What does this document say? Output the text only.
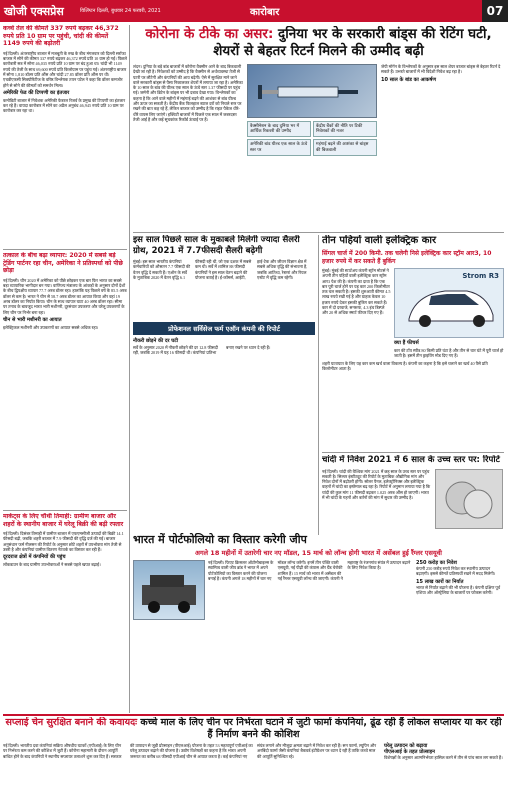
खोजी एक्सप्रेस	विलिंग्टन दिल्ली, बुधवार 24 फरवरी, 2021	कारोबार	07
कच्चे तेल की कीमतें 337 रुपये बढ़कर 46,372 रुपये प्रति 10 ग्राम पर पहुंची, चांदी की कीमतें 1149 रुपये की बढ़ोतरी
नई दिल्ली। अंतरराष्ट्रीय बाजार में मजबूती के रुख के बीच मंगलवार को दिल्ली सर्राफा बाजार में सोने की कीमत 337 रुपये बढ़कर 46,372 रुपये प्रति 10 ग्राम हो गई। पिछले कारोबारी सत्र में सोना 46,035 रुपये प्रति 10 ग्राम पर बंद हुआ था। चांदी भी 1149 रुपये की तेजी के साथ 69,600 रुपये प्रति किलोग्राम पर पहुंच गई। अंतरराष्ट्रीय बाजार में सोना 1,810 डॉलर प्रति औंस और चांदी 27.85 डॉलर प्रति औंस पर थी। एचडीएफसी सिक्योरिटीज के वरिष्ठ विश्लेषक तपन पटेल ने कहा कि डॉलर कमजोर होने से सोने की कीमतों को समर्थन मिला।
अमेरिकी फेड की टिप्पणी का इंतजार
कमोडिटी बाजार में निवेशक अमेरिकी फेडरल रिजर्व के प्रमुख की टिप्पणी का इंतजार कर रहे हैं। वायदा कारोबार में सोने का अप्रैल अनुबंध 46,945 रुपये प्रति 10 ग्राम पर कारोबार कर रहा था।
तत्काल के बीच बढ़ा व्यापार: 2020 में सबसे बड़े ट्रेडिंग पार्टनर रहा चीन, अमेरिका ने प्रतिस्पर्धा को पीछे छोड़ा
नई दिल्ली। चीन 2020 में अमेरिका को पीछे छोड़कर एक बार फिर भारत का सबसे बड़ा व्यापारिक भागीदार बन गया। वाणिज्य मंत्रालय के आंकड़ों के अनुसार दोनों देशों के बीच द्विपक्षीय व्यापार 77.7 अरब डॉलर रहा। हालांकि यह पिछले वर्ष के 85.5 अरब डॉलर से कम है। भारत ने चीन से 58.7 अरब डॉलर का आयात किया और वहां 19 अरब डॉलर का निर्यात किया। चीन के साथ व्यापार घाटा 40 अरब डॉलर रहा। सीमा पर तनाव के बावजूद भारत भारी मशीनरी, दूरसंचार उपकरण और घरेलू उपकरणों के लिए चीन पर निर्भर बना रहा।
चीन से भारी मशीनरी का आयात
इलेक्ट्रिकल मशीनरी और उपकरणों का आयात सबसे अधिक रहा।
मार्केट्स के लिए चौथी तिमाही: ग्रामीण बाजार और शहरों के स्थानीय बाजार में घरेलू बिक्री की बढ़ी रफ्तार
नई दिल्ली। दिसंबर तिमाही में ग्रामीण बाजार में एफएमसीजी उत्पादों की बिक्री 14.1 फीसदी बढ़ी, जबकि शहरी बाजार में 7.9 फीसदी की वृद्धि दर्ज की गई। बाजार अनुसंधान फर्म नीलसन की रिपोर्ट के अनुसार छोटे शहरों में उपभोक्ता मांग तेजी से उबरी है और कंपनियां ग्रामीण वितरण नेटवर्क का विस्तार कर रही हैं।
दूरदराज क्षेत्रों में कंपनियों की पहुंच
लॉकडाउन के बाद ग्रामीण उपभोक्ताओं ने सबसे पहले खपत बढ़ाई।
कोरोना के टीके का असर: दुनिया भर के सरकारी बांड्स की रेटिंग घटी, शेयरों से बेहतर रिटर्न मिलने की उम्मीद बढ़ी
लंदन। दुनिया के बड़े बांड बाजारों में कोरोना वैक्सीन आने के बाद बिकवाली देखी जा रही है। निवेशकों को उम्मीद है कि वैक्सीन से अर्थव्यवस्था तेजी से पटरी पर लौटेगी और कंपनियों की आय बढ़ेगी। ऐसे में सुरक्षित माने जाने वाले सरकारी बांड्स से पैसा निकालकर शेयरों में लगाया जा रहा है। अमेरिका के 10 साल के बांड की यील्ड एक साल के ऊंचे स्तर 1.37 फीसदी पर पहुंच गई। जर्मनी और ब्रिटेन के बांड्स पर भी दबाव देखा गया। विश्लेषकों का कहना है कि आने वाले महीनों में महंगाई बढ़ने की आशंका से बांड यील्ड और ऊपर जा सकती है। केंद्रीय बैंक फिलहाल ब्याज दरों को निचले स्तर पर रखने की बात कह रहे हैं, लेकिन बाजार को उम्मीद है कि राहत पैकेज धीरे-धीरे वापस लिए जाएंगे। इक्विटी बाजारों में पिछले एक साल में जबरदस्त तेजी आई है और कई सूचकांक रिकॉर्ड ऊंचाई पर हैं।
वैक्सीनेशन के बाद दुनिया भर में आर्थिक रिकवरी की उम्मीद
केंद्रीय बैंकों की नीति पर टिकी निवेशकों की नजर
अमेरिकी बांड यील्ड एक साल के ऊंचे स्तर पर
महंगाई बढ़ने की आशंका से बांड्स की बिकवाली
जेपी मॉर्गन के विश्लेषकों के अनुसार इस साल शेयर बाजार बांड्स से बेहतर रिटर्न दे सकते हैं। उभरते बाजारों में भी विदेशी निवेश बढ़ रहा है।
10 साल के बांड का आकर्षण
इस साल पिछले साल के मुकाबले मिलेगी ज्यादा सैलरी ग्रोथ, 2021 में 7.7फीसदी सैलरी बढ़ेगी
मुंबई। इस साल भारतीय कंपनियां कर्मचारियों को औसतन 7.7 फीसदी की वेतन वृद्धि दे सकती हैं। एऑन के सर्वे के मुताबिक 2020 में वेतन वृद्धि 6.1 फीसदी रही थी, जो एक दशक में सबसे कम थी। सर्वे में शामिल 88 फीसदी कंपनियों ने इस साल वेतन बढ़ाने की योजना बताई है। ई-कॉमर्स, आईटी, हाई-टेक और जीवन विज्ञान क्षेत्र में सबसे अधिक वृद्धि की संभावना है, जबकि आतिथ्य, रेस्तरां और रियल एस्टेट में वृद्धि कम रहेगी।
प्रोफेशनल सर्विसेज फर्म एऑन कंपनी की रिपोर्ट
नौकरी छोड़ने की दर घटी
सर्वे के अनुसार 2020 में नौकरी छोड़ने की दर 12.8 फीसदी रही, जबकि 2019 में यह 16 फीसदी थी। कंपनियां प्रतिभा बनाए रखने पर ध्यान दे रही हैं।
तीन पहियों वाली इलेक्ट्रिक कार
सिंगल चार्ज में 200 किमी. तक चलेगी निसे इलेक्ट्रिक कार स्ट्रॉम आर3, 10 हजार रुपये में कर सकते हैं बुकिंग
मुंबई। मुंबई की स्टार्टअप कंपनी स्ट्रॉम मोटर्स ने अपनी तीन पहियों वाली इलेक्ट्रिक कार स्ट्रॉम आर3 पेश की है। कंपनी का दावा है कि एक बार पूरी चार्ज होने पर यह कार 200 किलोमीटर तक चल सकती है। इसकी शुरुआती कीमत 4.5 लाख रुपये रखी गई है और ग्राहक केवल 10 हजार रुपये देकर इसकी बुकिंग कर सकते हैं। कार में दो दरवाजे, सनरूफ, 4.3 इंच डिस्प्ले और 20 से अधिक स्मार्ट फीचर दिए गए हैं।
Strom R3
क्या हैं फीचर्स
कार की टॉप स्पीड 80 किमी प्रति घंटा है और तीन से चार घंटे में पूरी चार्ज हो जाती है। इसमें तीन ड्राइविंग मोड दिए गए हैं।
शहरी यातायात के लिए यह कार कम खर्च वाला विकल्प है। कंपनी का कहना है कि इसे चलाने का खर्च 40 पैसे प्रति किलोमीटर आता है।
चांदी में निवेश 2021 में 6 साल के उच्च स्तर पर: रिपोर्ट
नई दिल्ली। चांदी की वैश्विक मांग 2021 में छह साल के उच्च स्तर पर पहुंच सकती है। सिल्वर इंस्टीट्यूट की रिपोर्ट के मुताबिक औद्योगिक मांग और निवेश दोनों में बढ़ोतरी होगी। सोलर पैनल, इलेक्ट्रॉनिक्स और इलेक्ट्रिक वाहनों में चांदी का इस्तेमाल बढ़ रहा है। रिपोर्ट में अनुमान लगाया गया है कि चांदी की कुल मांग 11 फीसदी बढ़कर 1.025 अरब औंस हो जाएगी। भारत में भी चांदी के गहनों और बर्तनों की मांग में सुधार की उम्मीद है।
भारत में पोर्टफोलियो का विस्तार करेगी जीप
अगले 18 महीनों में उतारेगी चार नए मॉडल, 15 मार्च को लॉन्च होगी भारत में असेंबल हुई रैंग्लर एसयूवी
नई दिल्ली। फिएट क्रिसलर ऑटोमोबाइल्स के स्वामित्व वाली जीप ब्रांड ने भारत में अपने पोर्टफोलियो का विस्तार करने की योजना बनाई है। कंपनी अगले 18 महीनों में चार नए मॉडल लॉन्च करेगी। इनमें तीन पंक्ति वाली एसयूवी, नई पीढ़ी की कंपास और ग्रैंड चेरोकी शामिल हैं। 15 मार्च को भारत में असेंबल की गई रैंग्लर एसयूवी लॉन्च की जाएगी। कंपनी ने महाराष्ट्र के रंजनगांव संयंत्र में उत्पादन बढ़ाने के लिए निवेश किया है।
250 करोड़ का निवेश
कंपनी 250 करोड़ रुपये निवेश कर स्थानीय उत्पादन बढ़ाएगी। इससे कीमतें प्रतिस्पर्धी रखने में मदद मिलेगी।
15 लाख कारों का निर्यात
भारत से निर्यात बढ़ाने की भी योजना है। कंपनी दक्षिण पूर्व एशिया और ऑस्ट्रेलिया के बाजारों पर फोकस करेगी।
सप्लाई चेन सुरक्षित बनाने की कवायदः कच्चे माल के लिए चीन पर निर्भरता घटाने में जुटी फार्मा कंपनियां, ढूंढ रही हैं लोकल सप्लायर या कर रही हैं निर्माण बनने की कोशिश
नई दिल्ली। भारतीय दवा कंपनियां सक्रिय औषधीय घटकों (एपीआई) के लिए चीन पर निर्भरता कम करने की कोशिश में जुटी हैं। कोरोना महामारी के दौरान आपूर्ति बाधित होने के बाद कंपनियों ने स्थानीय सप्लायर तलाशने शुरू कर दिए हैं। सरकार की उत्पादन से जुड़ी प्रोत्साहन (पीएलआई) योजना के तहत 53 महत्वपूर्ण एपीआई का घरेलू उत्पादन बढ़ाने की योजना है। उद्योग विशेषज्ञों का कहना है कि भारत अपनी जरूरत का करीब 68 फीसदी एपीआई चीन से आयात करता है। कई कंपनियां नए संयंत्र लगाने और मौजूदा क्षमता बढ़ाने में निवेश कर रही हैं। सन फार्मा, ल्यूपिन और अरबिंदो फार्मा जैसी कंपनियां बैकवर्ड इंटीग्रेशन पर ध्यान दे रही हैं ताकि कच्चे माल की आपूर्ति सुनिश्चित रहे।
घरेलू उत्पादन को बढ़ावा
पीएलआई के तहत प्रोत्साहन
विशेषज्ञों के अनुसार आत्मनिर्भरता हासिल करने में तीन से पांच साल लग सकते हैं।
